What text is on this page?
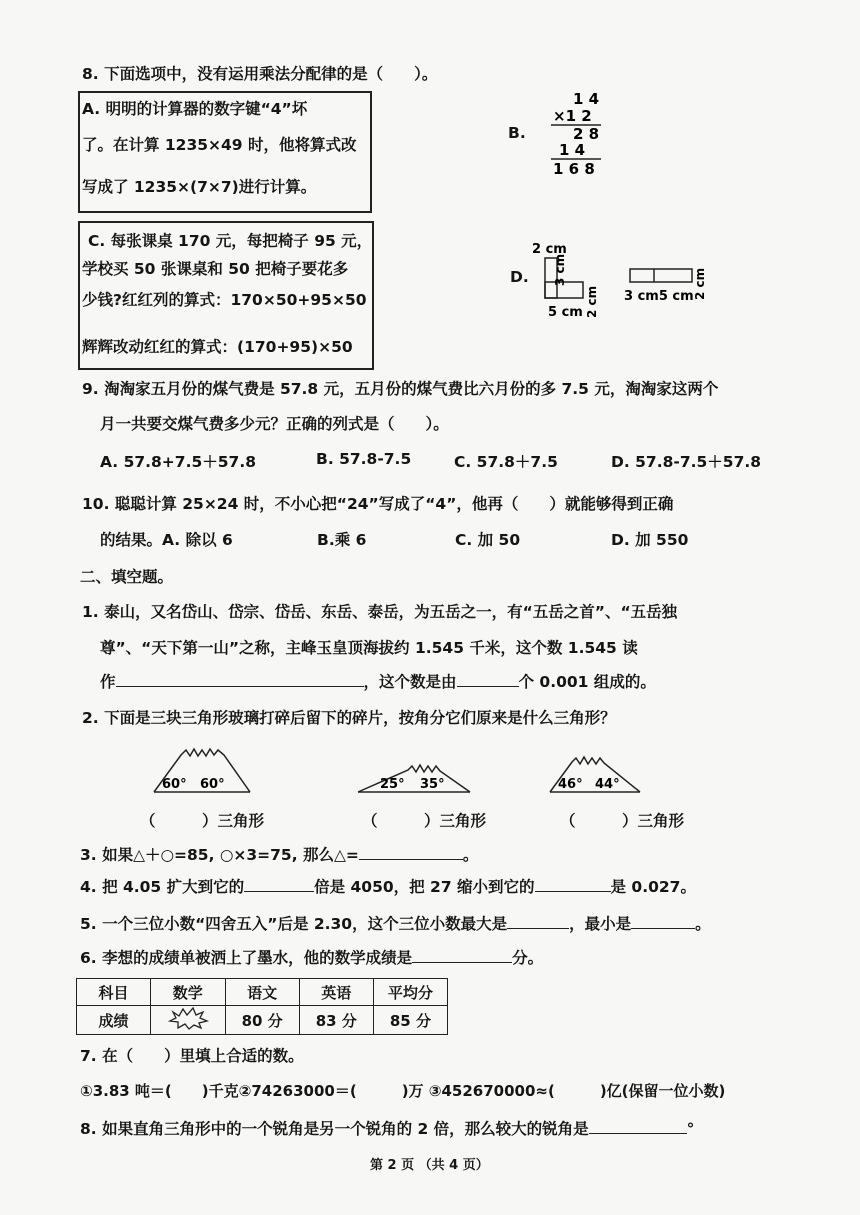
8. 下面选项中，没有运用乘法分配律的是（　　）。
A. 明明的计算器的数字键“4”坏
了。在计算 1235×49 时，他将算式改
写成了 1235×(7×7)进行计算。
B.
1 4
×1 2
2 8
1 4
1 6 8
C. 每张课桌 170 元，每把椅子 95 元，
学校买 50 张课桌和 50 把椅子要花多
少钱?红红列的算式：170×50+95×50
辉辉改动红红的算式：(170+95)×50
D.
2 cm
3 cm
5 cm 2 cm 3 cm5 cm 2 cm
9. 淘淘家五月份的煤气费是 57.8 元，五月份的煤气费比六月份的多 7.5 元，淘淘家这两个
月一共要交煤气费多少元？正确的列式是（　　）。
A. 57.8+7.5＋57.8	B. 57.8-7.5	C. 57.8＋7.5	D. 57.8-7.5＋57.8
10. 聪聪计算 25×24 时，不小心把“24”写成了“4”，他再（　　）就能够得到正确
的结果。A. 除以 6	B.乘 6	C. 加 50	D. 加 550
二、填空题。
1. 泰山，又名岱山、岱宗、岱岳、东岳、泰岳，为五岳之一，有“五岳之首”、“五岳独
尊”、“天下第一山”之称，主峰玉皇顶海拔约 1.545 千米，这个数 1.545 读
作	，这个数是由	个 0.001 组成的。
2. 下面是三块三角形玻璃打碎后留下的碎片，按角分它们原来是什么三角形？
60° 60°	25° 35°	46° 44°
（　　　）三角形	（　　　）三角形	（　　　）三角形
3. 如果△＋○=85, ○×3=75, 那么△=	。
4. 把 4.05 扩大到它的	倍是 4050，把 27 缩小到它的	是 0.027。
5. 一个三位小数“四舍五入”后是 2.30，这个三位小数最大是	，最小是	。
6. 李想的成绩单被洒上了墨水，他的数学成绩是	分。
科目	数学	语文	英语	平均分
成绩		80 分	83 分	85 分
7. 在（　　）里填上合适的数。
①3.83 吨＝(　　)千克②74263000＝(　　　)万 ③452670000≈(　　　)亿(保留一位小数)
8. 如果直角三角形中的一个锐角是另一个锐角的 2 倍，那么较大的锐角是	°
第 2 页 （共 4 页）
